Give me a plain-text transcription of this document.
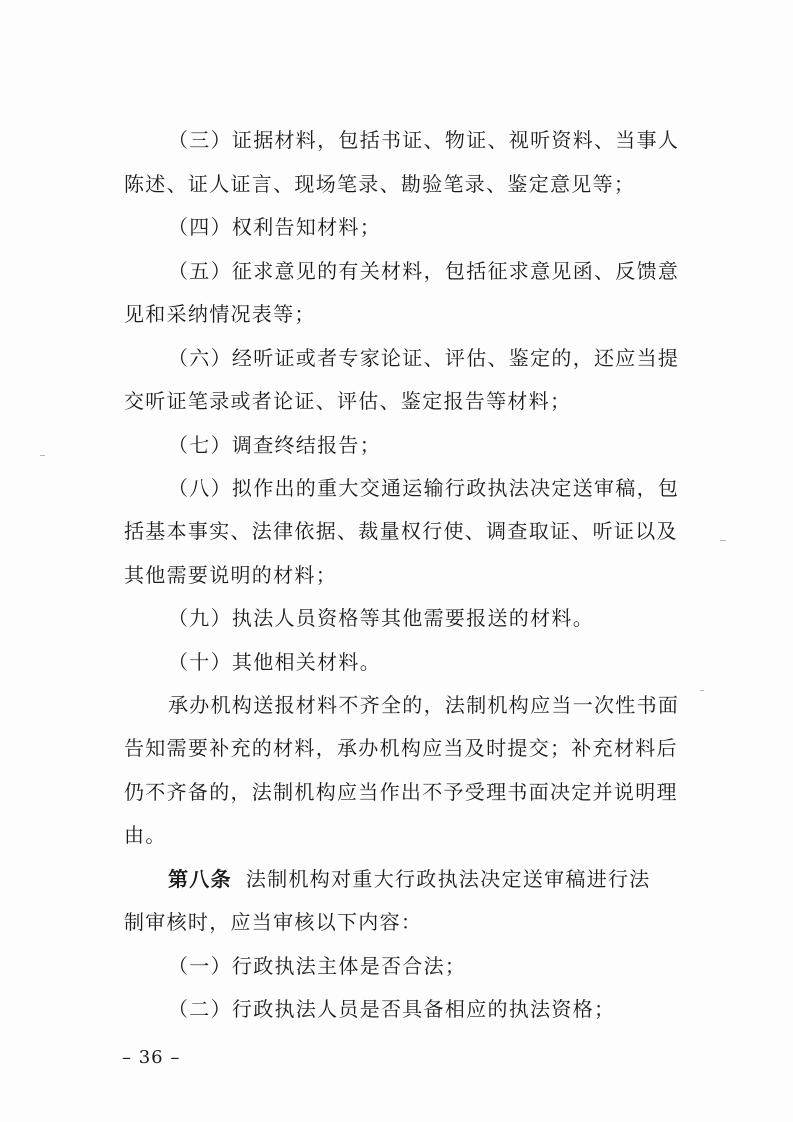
（三）证据材料，包括书证、物证、视听资料、当事人
陈述、证人证言、现场笔录、勘验笔录、鉴定意见等；
（四）权利告知材料；
（五）征求意见的有关材料，包括征求意见函、反馈意
见和采纳情况表等；
（六）经听证或者专家论证、评估、鉴定的，还应当提
交听证笔录或者论证、评估、鉴定报告等材料；
（七）调查终结报告；
（八）拟作出的重大交通运输行政执法决定送审稿，包
括基本事实、法律依据、裁量权行使、调查取证、听证以及
其他需要说明的材料；
（九）执法人员资格等其他需要报送的材料。
（十）其他相关材料。
承办机构送报材料不齐全的，法制机构应当一次性书面
告知需要补充的材料，承办机构应当及时提交；补充材料后
仍不齐备的，法制机构应当作出不予受理书面决定并说明理
由。
第八条 法制机构对重大行政执法决定送审稿进行法
制审核时，应当审核以下内容：
（一）行政执法主体是否合法；
（二）行政执法人员是否具备相应的执法资格；
– 36 –
